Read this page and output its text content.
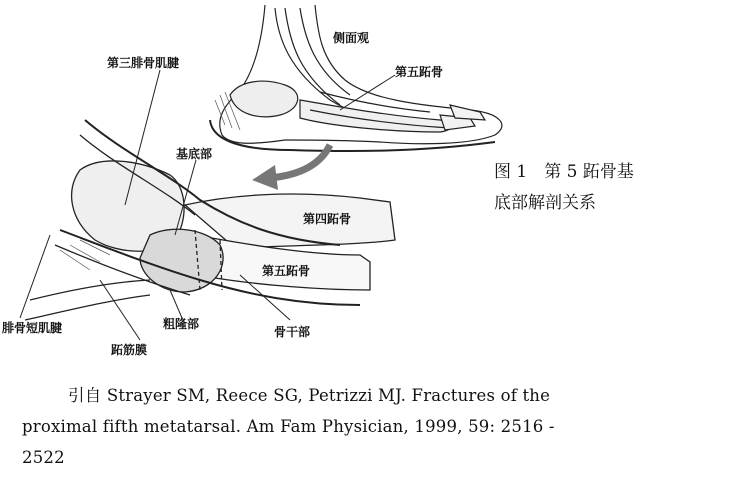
侧面观
第五跖骨
第三腓骨肌腱
基底部
第四跖骨
第五跖骨
腓骨短肌腱	粗隆部
骨干部
跖筋膜
图 1　第 5 跖骨基
底部解剖关系
引自 Strayer SM, Reece SG, Petrizzi MJ. Fractures of the
proximal fifth metatarsal. Am Fam Physician, 1999, 59: 2516 -
2522
